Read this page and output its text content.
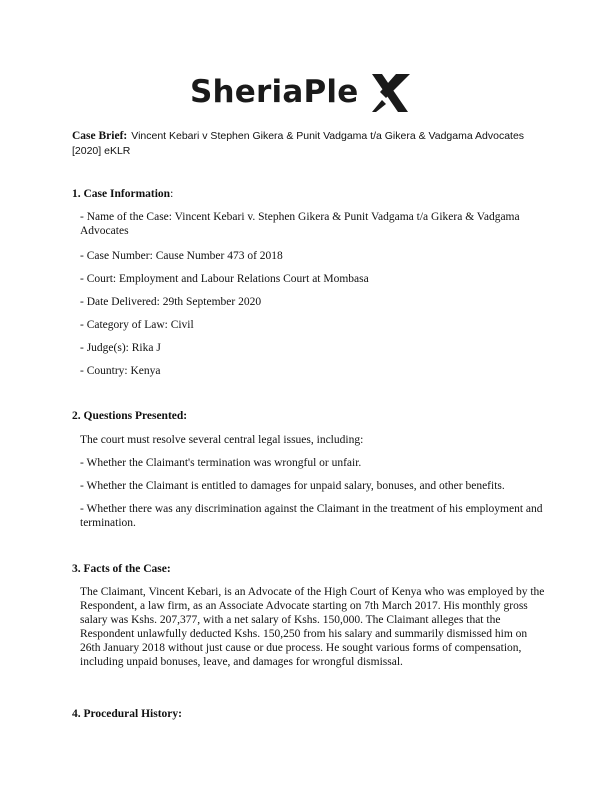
SheriaPle
Case Brief: Vincent Kebari v Stephen Gikera & Punit Vadgama t/a Gikera & Vadgama Advocates [2020] eKLR
1. Case Information:
- Name of the Case: Vincent Kebari v. Stephen Gikera & Punit Vadgama t/a Gikera & Vadgama Advocates
- Case Number: Cause Number 473 of 2018
- Court: Employment and Labour Relations Court at Mombasa
- Date Delivered: 29th September 2020
- Category of Law: Civil
- Judge(s): Rika J
- Country: Kenya
2. Questions Presented:
The court must resolve several central legal issues, including:
- Whether the Claimant's termination was wrongful or unfair.
- Whether the Claimant is entitled to damages for unpaid salary, bonuses, and other benefits.
- Whether there was any discrimination against the Claimant in the treatment of his employment and termination.
3. Facts of the Case:
The Claimant, Vincent Kebari, is an Advocate of the High Court of Kenya who was employed by the Respondent, a law firm, as an Associate Advocate starting on 7th March 2017. His monthly gross salary was Kshs. 207,377, with a net salary of Kshs. 150,000. The Claimant alleges that the Respondent unlawfully deducted Kshs. 150,250 from his salary and summarily dismissed him on 26th January 2018 without just cause or due process. He sought various forms of compensation, including unpaid bonuses, leave, and damages for wrongful dismissal.
4. Procedural History:
